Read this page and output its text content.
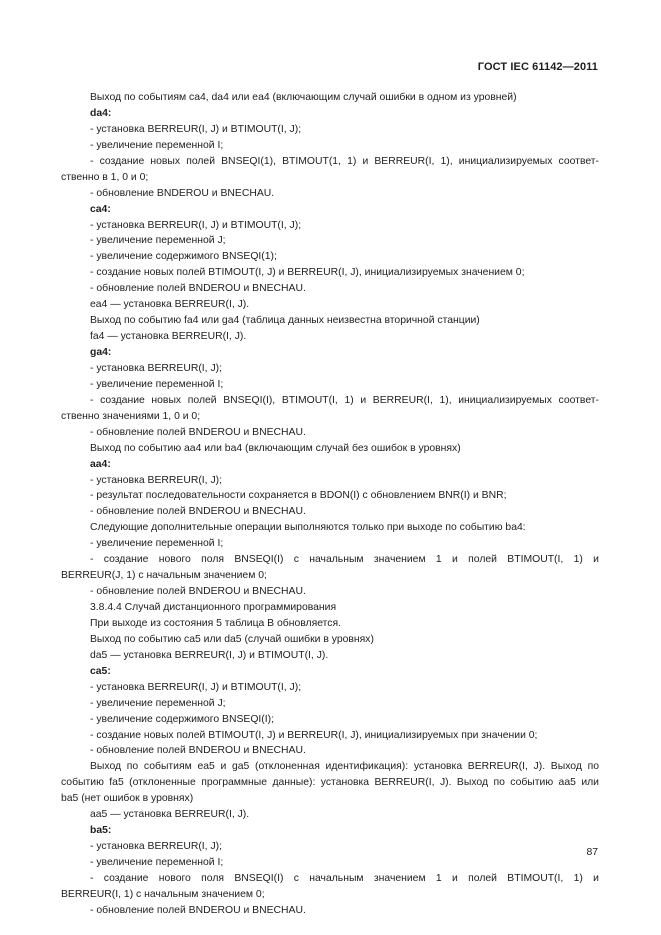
ГОСТ IEC 61142—2011
Выход по событиям ca4, da4 или ea4 (включающим случай ошибки в одном из уровней)
da4:
- установка BERREUR(I, J) и BTIMOUT(I, J);
- увеличение переменной I;
- создание новых полей BNSEQI(1), BTIMOUT(1, 1) и BERREUR(I, 1), инициализируемых соответ-
ственно в 1, 0 и 0;
- обновление BNDEROU и BNECHAU.
ca4:
- установка BERREUR(I, J) и BTIMOUT(I, J);
- увеличение переменной J;
- увеличение содержимого BNSEQI(1);
- создание новых полей BTIMOUT(I, J) и BERREUR(I, J), инициализируемых значением 0;
- обновление полей BNDEROU и BNECHAU.
ea4 — установка BERREUR(I, J).
Выход по событию fa4 или ga4 (таблица данных неизвестна вторичной станции)
fa4 — установка BERREUR(I, J).
ga4:
- установка BERREUR(I, J);
- увеличение переменной I;
- создание новых полей BNSEQI(I), BTIMOUT(I, 1) и BERREUR(I, 1), инициализируемых соответ-
ственно значениями 1, 0 и 0;
- обновление полей BNDEROU и BNECHAU.
Выход по событию aa4 или ba4 (включающим случай без ошибок в уровнях)
aa4:
- установка BERREUR(I, J);
- результат последовательности сохраняется в BDON(I) с обновлением BNR(I) и BNR;
- обновление полей BNDEROU и BNECHAU.
Следующие дополнительные операции выполняются только при выходе по событию ba4:
- увеличение переменной I;
- создание нового поля BNSEQI(I) с начальным значением 1 и полей BTIMOUT(I, 1) и
BERREUR(J, 1) с начальным значением 0;
- обновление полей BNDEROU и BNECHAU.
3.8.4.4 Случай дистанционного программирования
При выходе из состояния 5 таблица В обновляется.
Выход по событию ca5 или da5 (случай ошибки в уровнях)
da5 — установка BERREUR(I, J) и BTIMOUT(I, J).
ca5:
- установка BERREUR(I, J) и BTIMOUT(I, J);
- увеличение переменной J;
- увеличение содержимого BNSEQI(I);
- создание новых полей BTIMOUT(I, J) и BERREUR(I, J), инициализируемых при значении 0;
- обновление полей BNDEROU и BNECHAU.
Выход по событиям ea5 и ga5 (отклоненная идентификация): установка BERREUR(I, J). Выход по
событию fa5 (отклоненные программные данные): установка BERREUR(I, J). Выход по событию aa5 или
ba5 (нет ошибок в уровнях)
aa5 — установка BERREUR(I, J).
ba5:
- установка BERREUR(I, J);
- увеличение переменной I;
- создание нового поля BNSEQI(I) с начальным значением 1 и полей BTIMOUT(I, 1) и
BERREUR(I, 1) с начальным значением 0;
- обновление полей BNDEROU и BNECHAU.
87
